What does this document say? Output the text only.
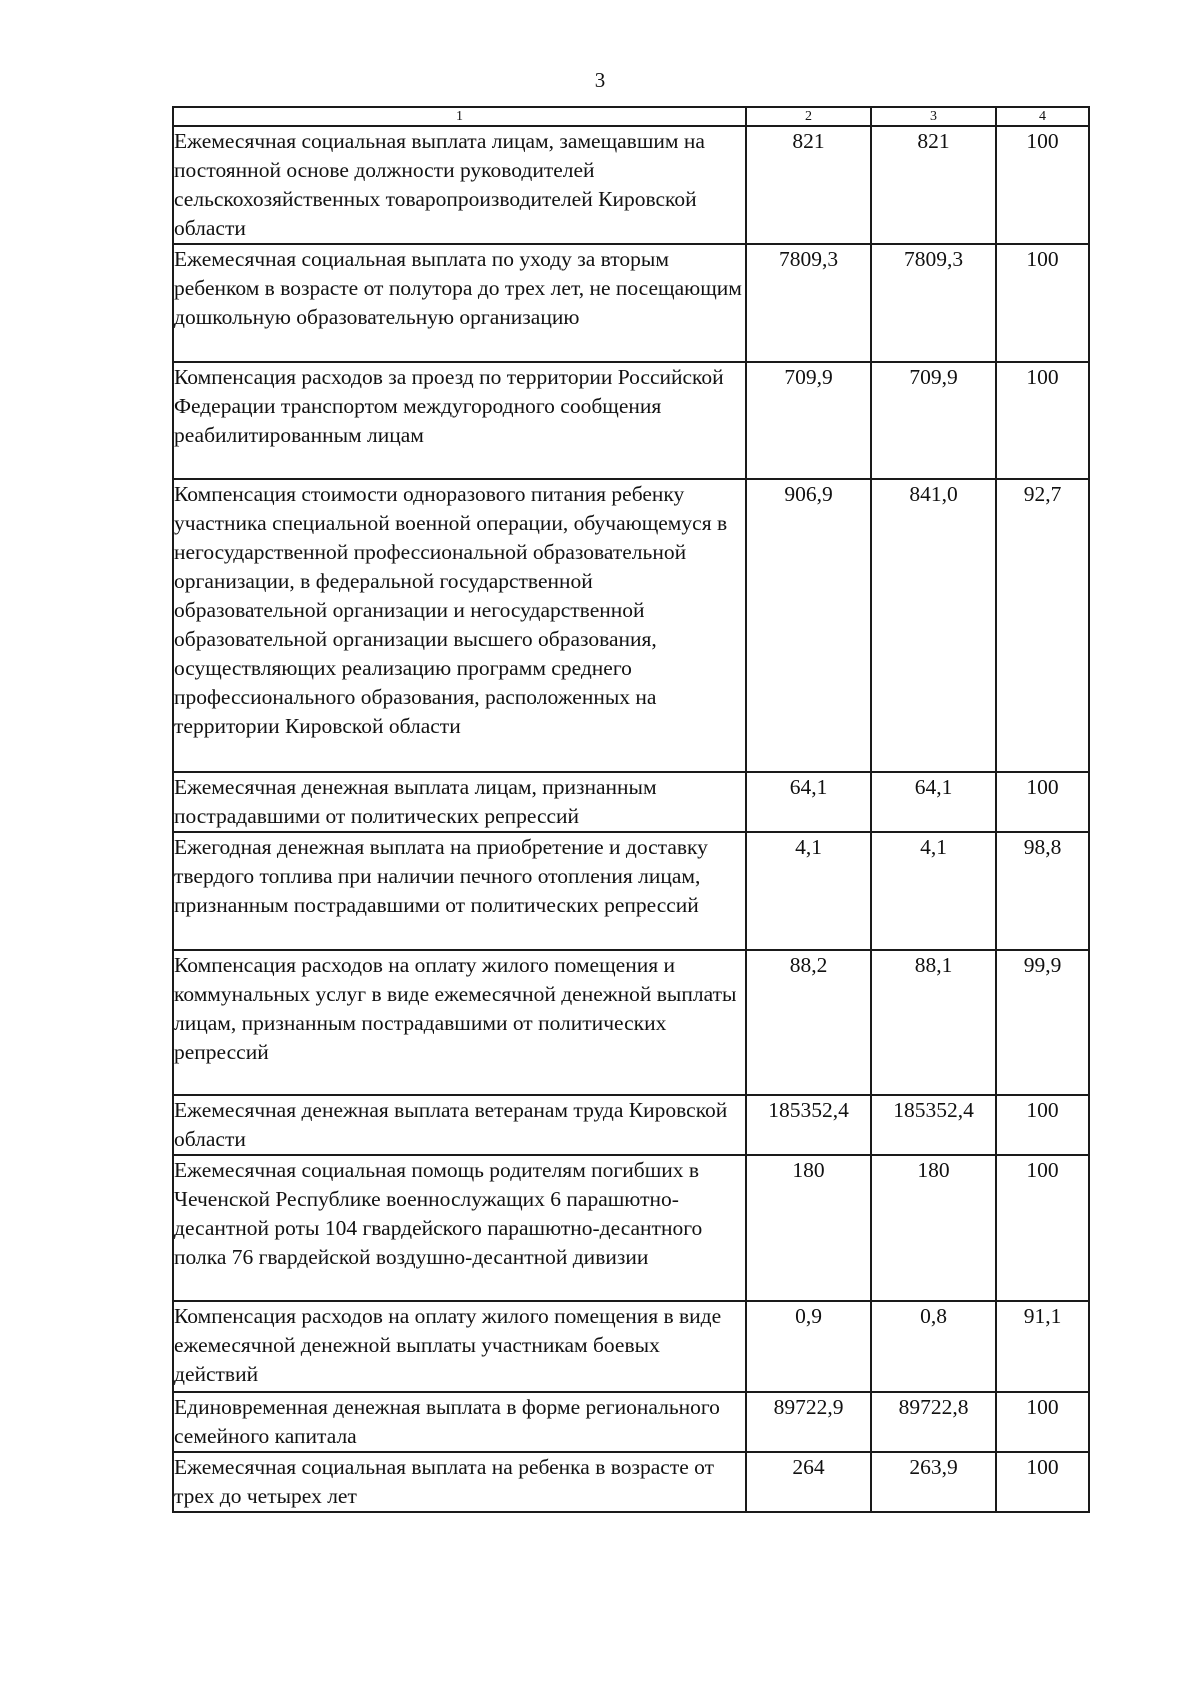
3
1	2	3	4
Ежемесячная социальная выплата лицам, замещавшим на постоянной основе должности руководителей сельскохозяйственных товаропроизводителей Кировской области	821	821	100
Ежемесячная социальная выплата по уходу за вторым ребенком в возрасте от полутора до трех лет, не посещающим дошкольную образовательную организацию	7809,3	7809,3	100
Компенсация расходов за проезд по территории Российской Федерации транспортом междугородного сообщения реабилитированным лицам	709,9	709,9	100
Компенсация стоимости одноразового питания ребенку участника специальной военной операции, обучающемуся в негосударственной профессиональной образовательной организации, в федеральной государственной образовательной организации и негосударственной образовательной организации высшего образования, осуществляющих реализацию программ среднего профессионального образования, расположенных на территории Кировской области	906,9	841,0	92,7
Ежемесячная денежная выплата лицам, признанным пострадавшими от политических репрессий	64,1	64,1	100
Ежегодная денежная выплата на приобретение и доставку твердого топлива при наличии печного отопления лицам, признанным пострадавшими от политических репрессий	4,1	4,1	98,8
Компенсация расходов на оплату жилого помещения и коммунальных услуг в виде ежемесячной денежной выплаты лицам, признанным пострадавшими от политических репрессий	88,2	88,1	99,9
Ежемесячная денежная выплата ветеранам труда Кировской области	185352,4	185352,4	100
Ежемесячная социальная помощь родителям погибших в Чеченской Республике военнослужащих 6 парашютно-десантной роты 104 гвардейского парашютно-десантного полка 76 гвардейской воздушно-десантной дивизии	180	180	100
Компенсация расходов на оплату жилого помещения в виде ежемесячной денежной выплаты участникам боевых действий	0,9	0,8	91,1
Единовременная денежная выплата в форме регионального семейного капитала	89722,9	89722,8	100
Ежемесячная социальная выплата на ребенка в возрасте от трех до четырех лет	264	263,9	100
